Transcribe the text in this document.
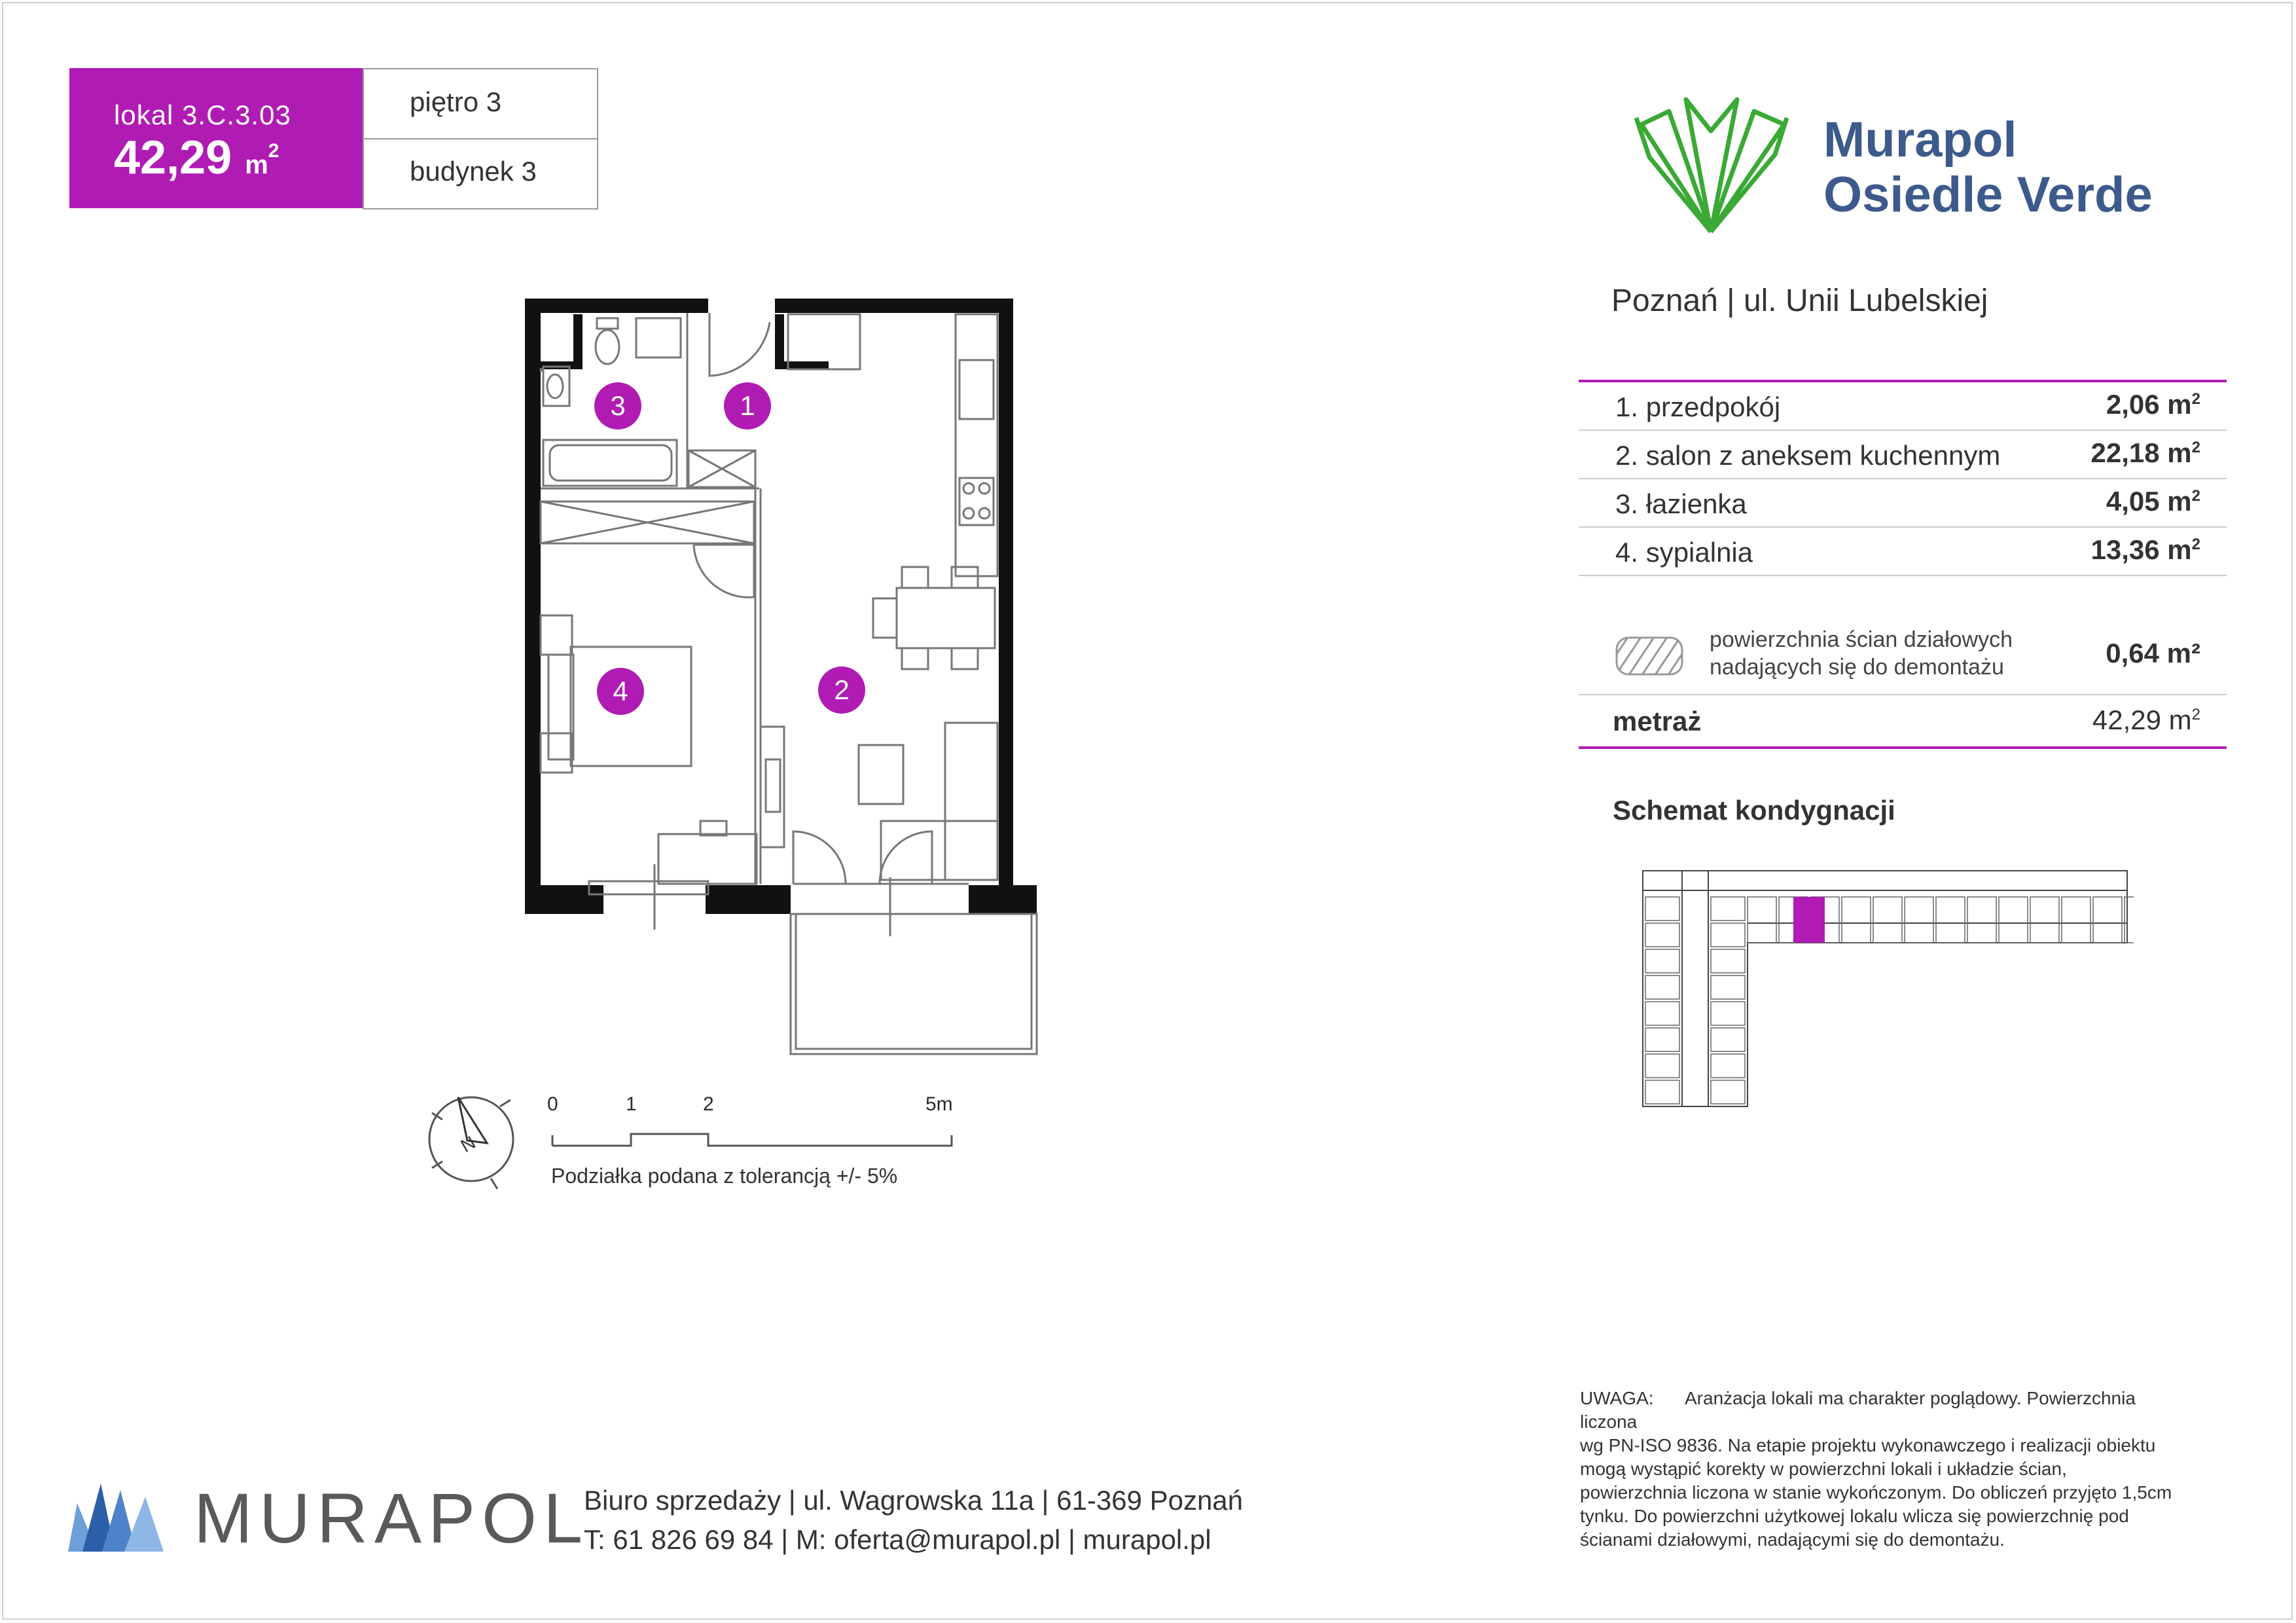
lokal 3.C.3.03
42,29 $m^2$
piętro 3
budynek 3
Murapol
Osiedle Verde
Poznań | ul. Unii Lubelskiej
1. przedpokój	2,06 $m^2$
2. salon z aneksem kuchennym	22,18 $m^2$
3. łazienka	4,05 $m^2$
4. sypialnia	13,36 $m^2$
powierzchnia ścian działowych
nadających się do demontażu	0,64 m²
metraż	42,29 $m^2$
Schemat kondygnacji
1
2
3
4
N
0	1	2	5m
Podziałka podana z tolerancją +/- 5%
MURAPOL
Biuro sprzedaży | ul. Wagrowska 11a | 61-369 Poznań
T: 61 826 69 84 | M: oferta@murapol.pl | murapol.pl
UWAGA: Aranżacja lokali ma charakter poglądowy. Powierzchnia
liczona
wg PN-ISO 9836. Na etapie projektu wykonawczego i realizacji obiektu
mogą wystąpić korekty w powierzchni lokali i układzie ścian,
powierzchnia liczona w stanie wykończonym. Do obliczeń przyjęto 1,5cm
tynku. Do powierzchni użytkowej lokalu wlicza się powierzchnię pod
ścianami działowymi, nadającymi się do demontażu.
